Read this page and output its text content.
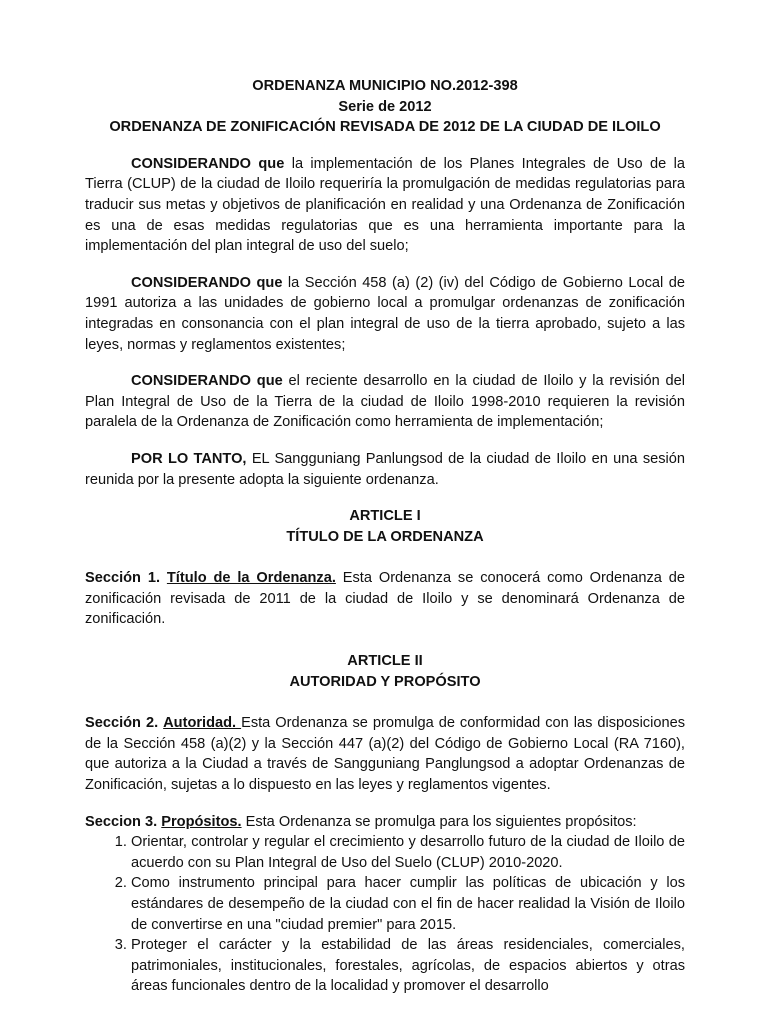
ORDENANZA MUNICIPIO NO.2012-398

Serie de 2012

ORDENANZA DE ZONIFICACIÓN REVISADA DE 2012 DE LA CIUDAD DE ILOILO

CONSIDERANDO que la implementación de los Planes Integrales de Uso de la Tierra (CLUP) de la ciudad de Iloilo requeriría la promulgación de medidas regulatorias para traducir sus metas y objetivos de planificación en realidad y una Ordenanza de Zonificación es una de esas medidas regulatorias que es una herramienta importante para la implementación del plan integral de uso del suelo;

CONSIDERANDO que la Sección 458 (a) (2) (iv) del Código de Gobierno Local de 1991 autoriza a las unidades de gobierno local a promulgar ordenanzas de zonificación integradas en consonancia con el plan integral de uso de la tierra aprobado, sujeto a las leyes, normas y reglamentos existentes;

CONSIDERANDO que el reciente desarrollo en la ciudad de Iloilo y la revisión del Plan Integral de Uso de la Tierra de la ciudad de Iloilo 1998-2010 requieren la revisión paralela de la Ordenanza de Zonificación como herramienta de implementación;

POR LO TANTO, EL Sangguniang Panlungsod de la ciudad de Iloilo en una sesión reunida por la presente adopta la siguiente ordenanza.

ARTICLE I

TÍTULO DE LA ORDENANZA

Sección 1. Título de la Ordenanza. Esta Ordenanza se conocerá como Ordenanza de zonificación revisada de 2011 de la ciudad de Iloilo y se denominará Ordenanza de zonificación.

ARTICLE II

AUTORIDAD Y PROPÓSITO

Sección 2. Autoridad. Esta Ordenanza se promulga de conformidad con las disposiciones de la Sección 458 (a)(2) y la Sección 447 (a)(2) del Código de Gobierno Local (RA 7160), que autoriza a la Ciudad a través de Sangguniang Panglungsod a adoptar Ordenanzas de Zonificación, sujetas a lo dispuesto en las leyes y reglamentos vigentes.

Seccion 3. Propósitos. Esta Ordenanza se promulga para los siguientes propósitos:

1. Orientar, controlar y regular el crecimiento y desarrollo futuro de la ciudad de Iloilo de acuerdo con su Plan Integral de Uso del Suelo (CLUP) 2010-2020.
2. Como instrumento principal para hacer cumplir las políticas de ubicación y los estándares de desempeño de la ciudad con el fin de hacer realidad la Visión de Iloilo de convertirse en una "ciudad premier" para 2015.
3. Proteger el carácter y la estabilidad de las áreas residenciales, comerciales, patrimoniales, institucionales, forestales, agrícolas, de espacios abiertos y otras áreas funcionales dentro de la localidad y promover el desarrollo
